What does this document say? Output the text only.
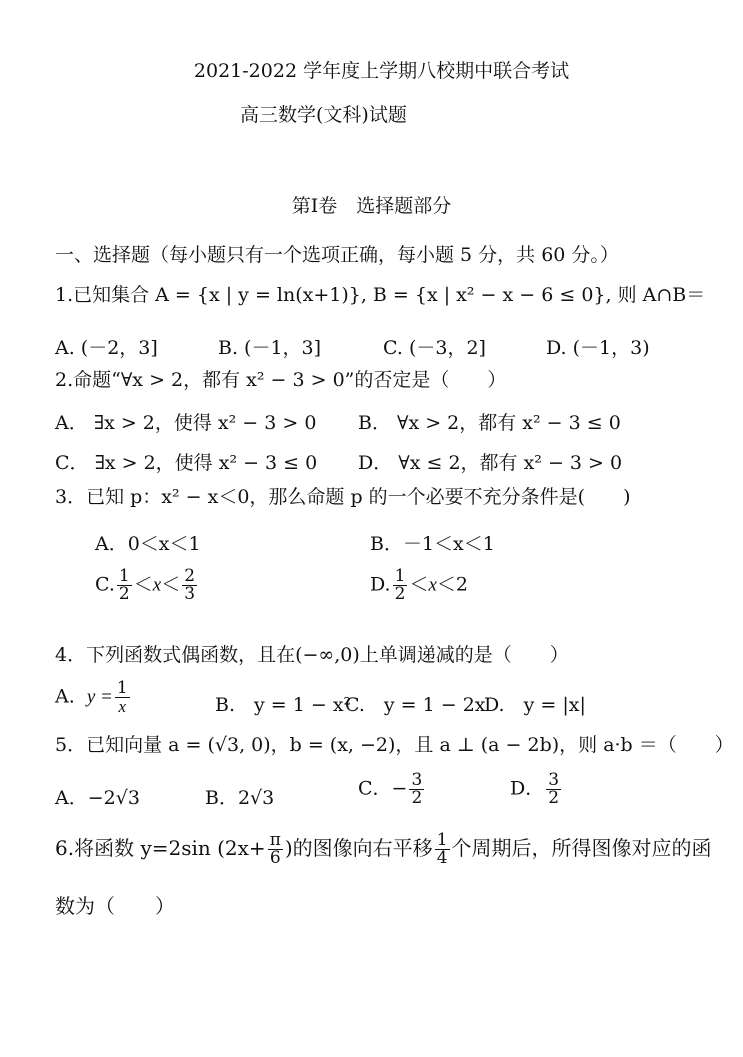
2021-2022 学年度上学期八校期中联合考试
高三数学(文科)试题
第Ⅰ卷　选择题部分
一、选择题（每小题只有一个选项正确，每小题 5 分，共 60 分。）
1.已知集合 A = {x | y = ln(x+1)}, B = {x | x² − x − 6 ≤ 0}, 则 A∩B＝
A. (－2，3]	B. (－1，3]	C. (－3，2]	D. (－1，3)
2.命题“∀x > 2，都有 x² − 3 > 0”的否定是（　　）
A． ∃x > 2，使得 x² − 3 > 0 B． ∀x > 2，都有 x² − 3 ≤ 0
C． ∃x > 2，使得 x² − 3 ≤ 0 D． ∀x ≤ 2，都有 x² − 3 > 0
3．已知 p：x² − x＜0，那么命题 p 的一个必要不充分条件是(　　)
A．0＜x＜1	B．－1＜x＜1
C. $\frac{1}{2} <x< \frac{2}{3}$	D. $\frac{1}{2} <x<2$
4．下列函数式偶函数，且在(−∞,0)上单调递减的是（　　）
A. $y = \frac{1}{x}$	B.　y = 1 − x²
C.　y = 1 − 2x
D.　y = |x|
5．已知向量 a = (√3, 0)，b = (x, −2)，且 a ⊥ (a − 2b)，则 a·b ＝（　　）
A．−2√3	B．2√3	C．− $\frac{3}{2}$	D． $\frac{3}{2}$
6.将函数 y=2sin ($2x+ \frac{\pi}{6}$ )的图像向右平移 $\frac{1}{4}$ 个周期后，所得图像对应的函
数为（　　）
